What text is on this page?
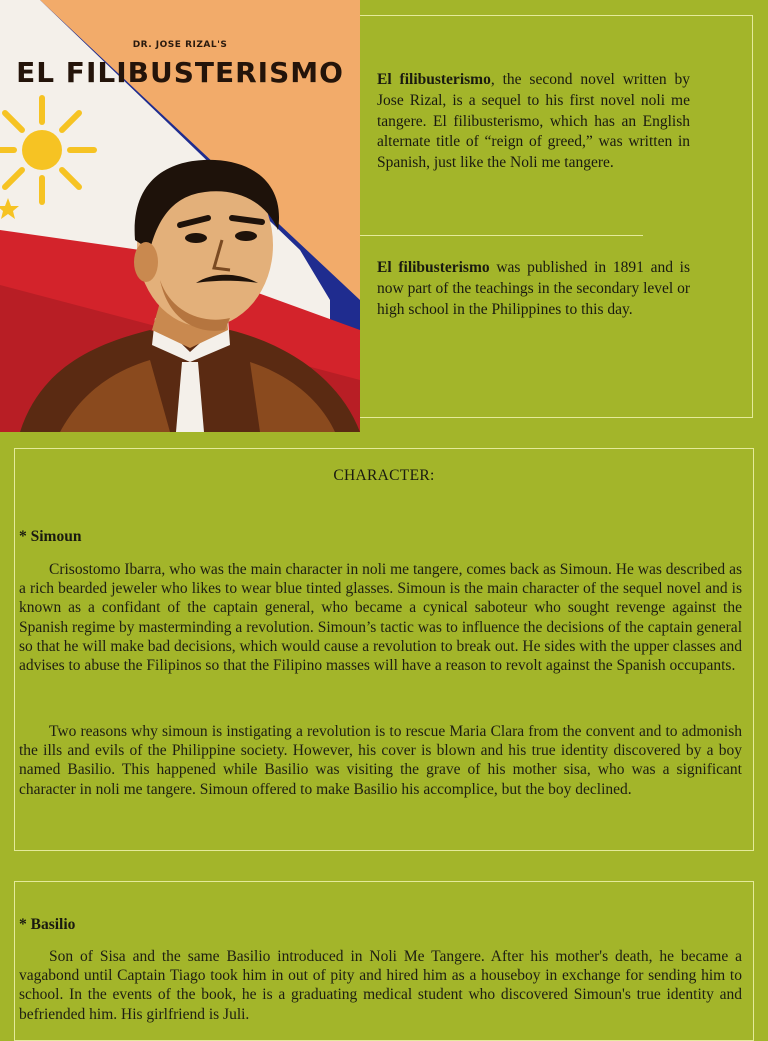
DR. JOSE RIZAL'S
EL FILIBUSTERISMO	El filibusterismo, the second novel written by Jose Rizal, is a sequel to his first novel noli me tangere. El filibusterismo, which has an English alternate title of “reign of greed,” was written in Spanish, just like the Noli me tangere.

El filibusterismo was published in 1891 and is now part of the teachings in the secondary level or high school in the Philippines to this day.

CHARACTER:
* Simoun

Crisostomo Ibarra, who was the main character in noli me tangere, comes back as Simoun. He was described as a rich bearded jeweler who likes to wear blue tinted glasses. Simoun is the main character of the sequel novel and is known as a confidant of the captain general, who became a cynical saboteur who sought revenge against the Spanish regime by masterminding a revolution. Simoun’s tactic was to influence the decisions of the captain general so that he will make bad decisions, which would cause a revolution to break out. He sides with the upper classes and advises to abuse the Filipinos so that the Filipino masses will have a reason to revolt against the Spanish occupants.

Two reasons why simoun is instigating a revolution is to rescue Maria Clara from the convent and to admonish the ills and evils of the Philippine society. However, his cover is blown and his true identity discovered by a boy named Basilio. This happened while Basilio was visiting the grave of his mother sisa, who was a significant character in noli me tangere. Simoun offered to make Basilio his accomplice, but the boy declined.

* Basilio

Son of Sisa and the same Basilio introduced in Noli Me Tangere. After his mother's death, he became a vagabond until Captain Tiago took him in out of pity and hired him as a houseboy in exchange for sending him to school. In the events of the book, he is a graduating medical student who discovered Simoun's true identity and befriended him. His girlfriend is Juli.
